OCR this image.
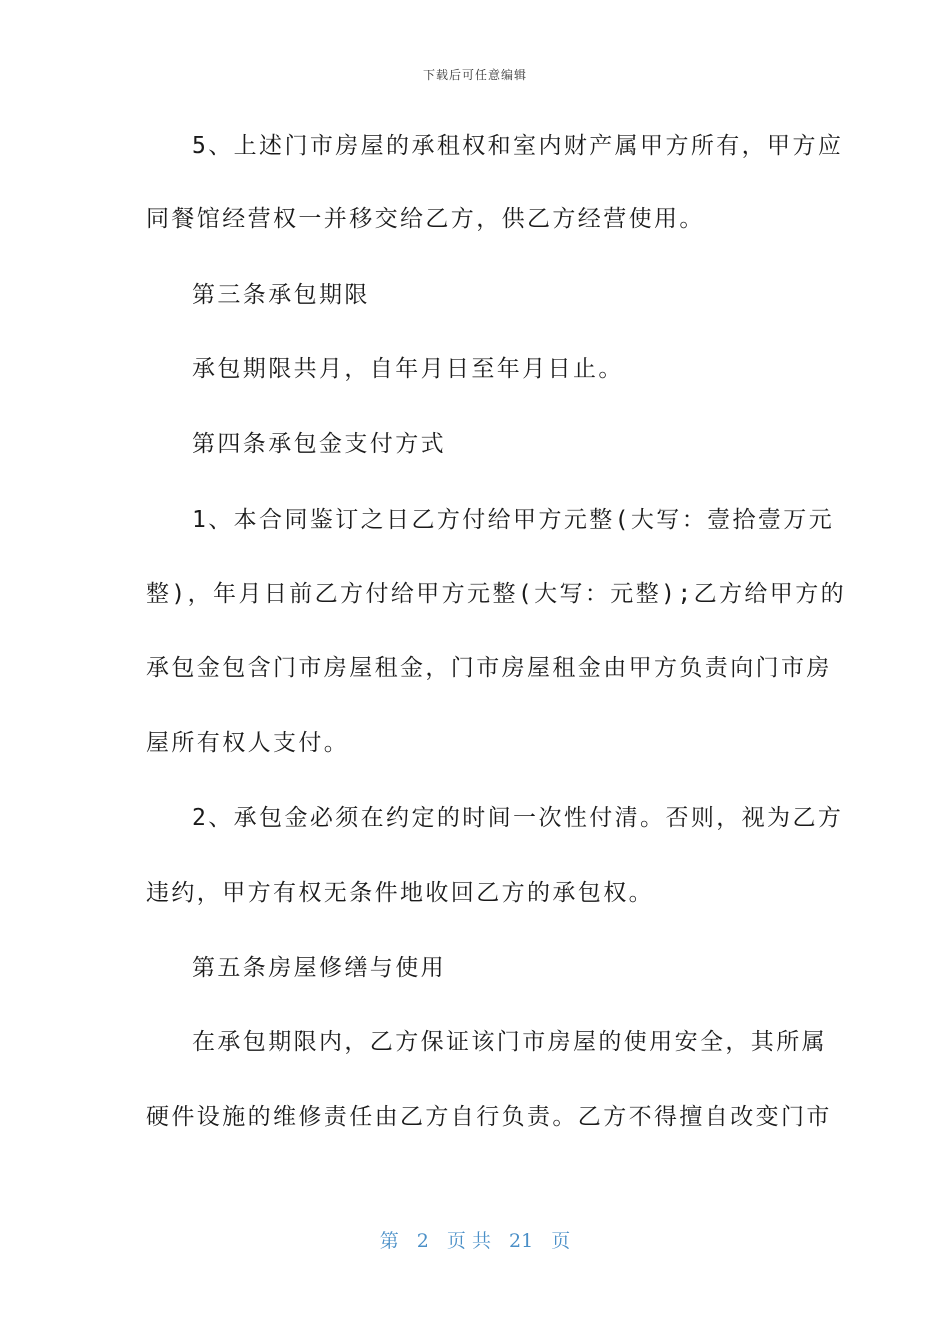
下载后可任意编辑
5、上述门市房屋的承租权和室内财产属甲方所有，甲方应
同餐馆经营权一并移交给乙方，供乙方经营使用。
第三条承包期限
承包期限共月，自年月日至年月日止。
第四条承包金支付方式
1、本合同鉴订之日乙方付给甲方元整(大写：壹拾壹万元
整)，年月日前乙方付给甲方元整(大写：元整);乙方给甲方的
承包金包含门市房屋租金，门市房屋租金由甲方负责向门市房
屋所有权人支付。
2、承包金必须在约定的时间一次性付清。否则，视为乙方
违约，甲方有权无条件地收回乙方的承包权。
第五条房屋修缮与使用
在承包期限内，乙方保证该门市房屋的使用安全，其所属
硬件设施的维修责任由乙方自行负责。乙方不得擅自改变门市
第 2 页 共 21 页
